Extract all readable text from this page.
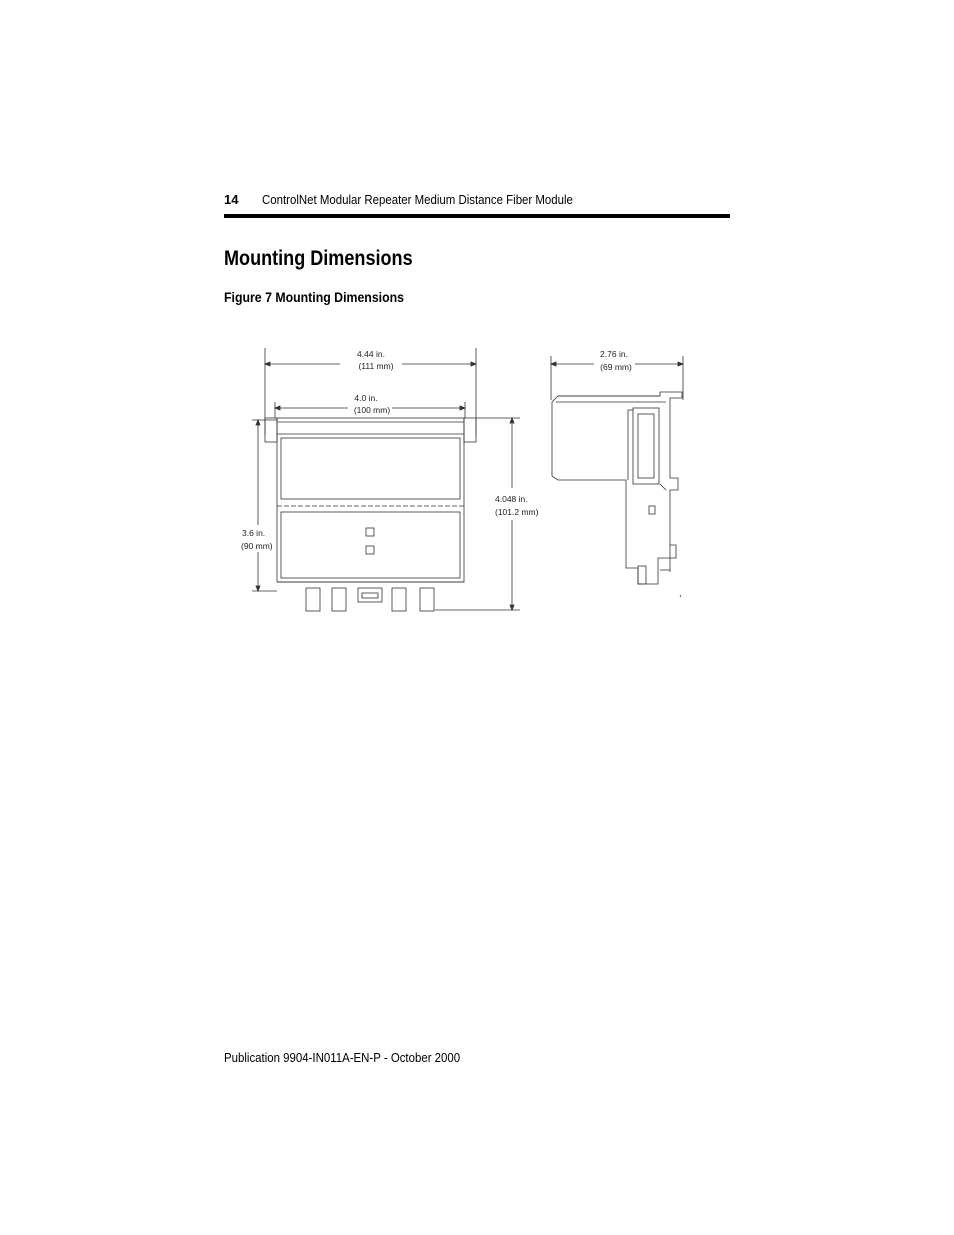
14 ControlNet Modular Repeater Medium Distance Fiber Module
Mounting Dimensions
Figure 7 Mounting Dimensions
4.44 in.
(111 mm)
4.0 in.
(100 mm)
2.76 in.
(69 mm)
3.6 in.
(90 mm)
4.048 in.
(101.2 mm)
Publication 9904-IN011A-EN-P - October 2000
